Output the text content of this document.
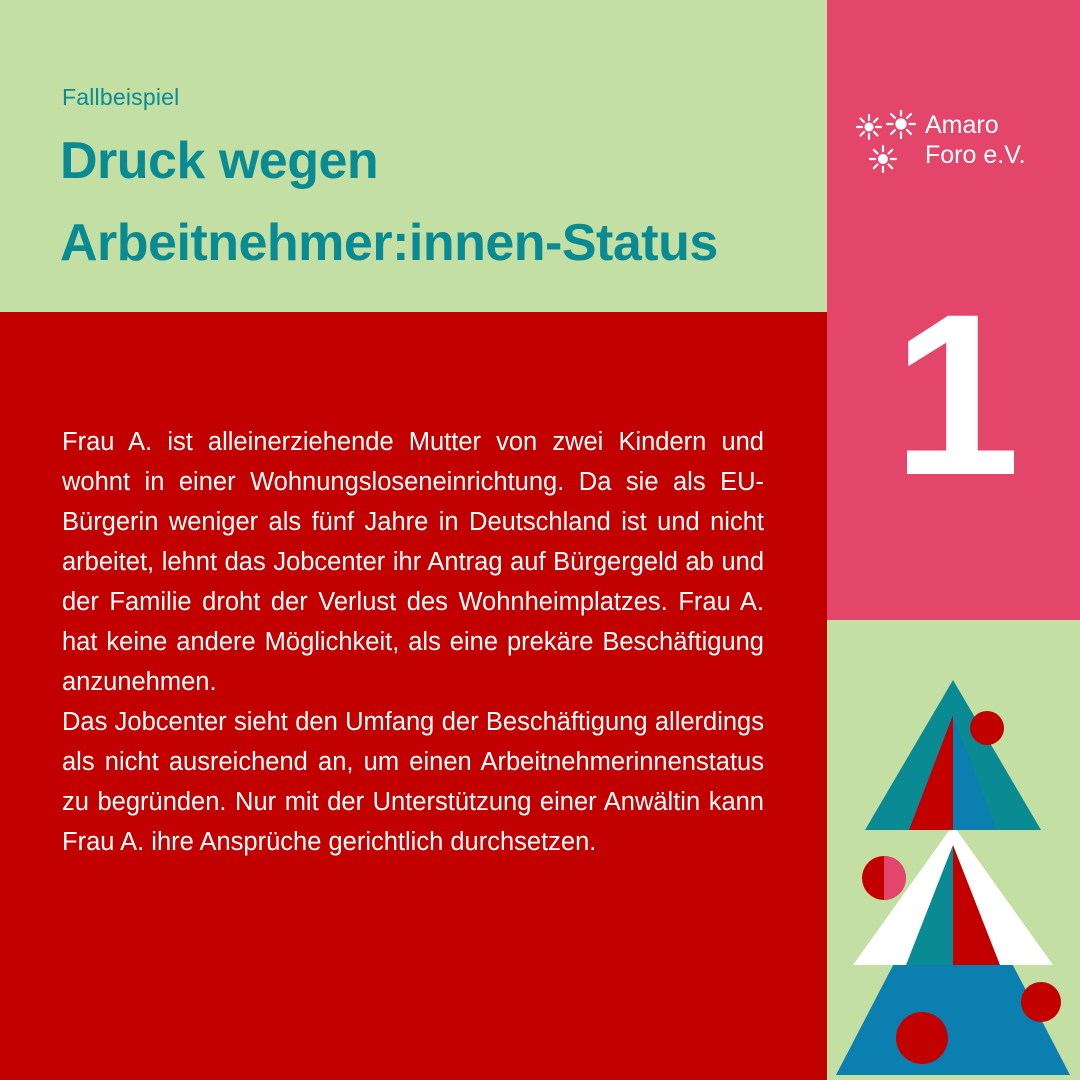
Fallbeispiel
Druck wegen
Arbeitnehmer:innen-Status

Frau A. ist alleinerziehende Mutter von zwei Kindern und wohnt in einer Wohnungsloseneinrichtung. Da sie als EU-Bürgerin weniger als fünf Jahre in Deutschland ist und nicht arbeitet, lehnt das Jobcenter ihr Antrag auf Bürgergeld ab und der Familie droht der Verlust des Wohnheimplatzes. Frau A. hat keine andere Möglichkeit, als eine prekäre Beschäftigung anzunehmen.

Das Jobcenter sieht den Umfang der Beschäftigung allerdings als nicht ausreichend an, um einen Arbeitnehmerinnenstatus zu begründen. Nur mit der Unterstützung einer Anwältin kann Frau A. ihre Ansprüche gerichtlich durchsetzen.

Amaro
Foro e.V.
1
